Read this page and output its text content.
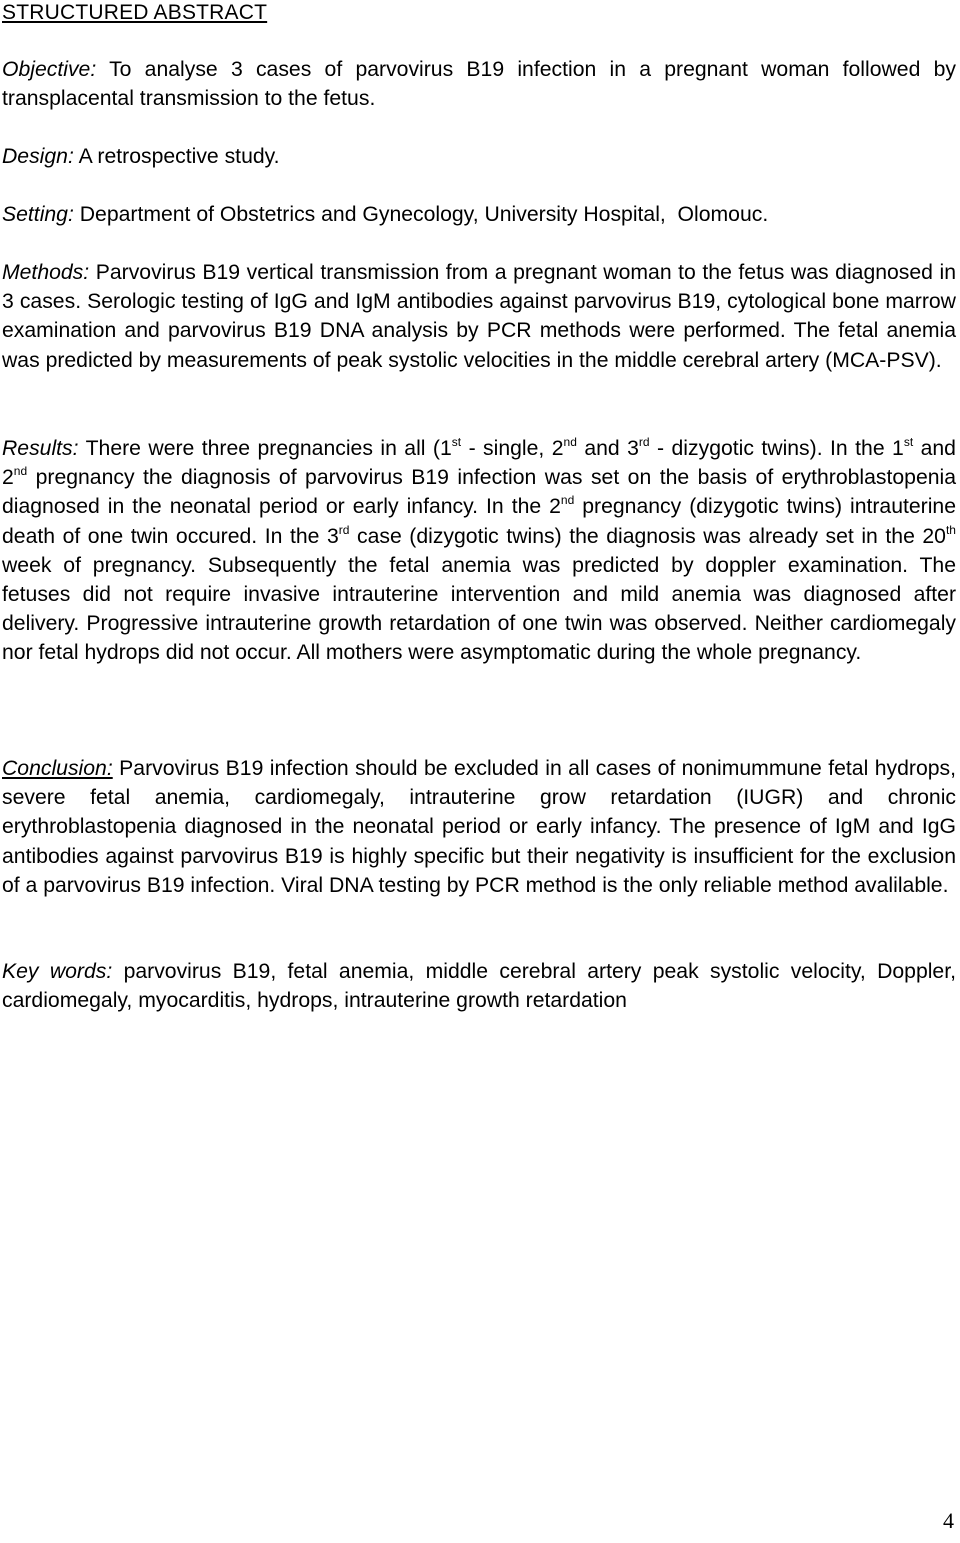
STRUCTURED ABSTRACT

Objective: To analyse 3 cases of parvovirus B19 infection in a pregnant woman followed by transplacental transmission to the fetus.

Design: A retrospective study.

Setting: Department of Obstetrics and Gynecology, University Hospital,  Olomouc.

Methods: Parvovirus B19 vertical transmission from a pregnant woman to the fetus was diagnosed in 3 cases. Serologic testing of IgG and IgM antibodies against parvovirus B19, cytological bone marrow examination and parvovirus B19 DNA analysis by PCR methods were performed. The fetal anemia was predicted by measurements of peak systolic velocities in the middle cerebral artery (MCA-PSV).

Results: There were three pregnancies in all (1st - single, 2nd and 3rd - dizygotic twins). In the 1st and 2nd pregnancy the diagnosis of parvovirus B19 infection was set on the basis of erythroblastopenia diagnosed in the neonatal period or early infancy. In the 2nd pregnancy (dizygotic twins) intrauterine death of one twin occured. In the 3rd case (dizygotic twins) the diagnosis was already set in the 20th week of pregnancy. Subsequently the fetal anemia was predicted by doppler examination. The fetuses did not require invasive intrauterine intervention and mild anemia was diagnosed after delivery. Progressive intrauterine growth retardation of one twin was observed. Neither cardiomegaly nor fetal hydrops did not occur. All mothers were asymptomatic during the whole pregnancy.

Conclusion: Parvovirus B19 infection should be excluded in all cases of nonimummune fetal hydrops, severe fetal anemia, cardiomegaly, intrauterine grow retardation (IUGR) and chronic erythroblastopenia diagnosed in the neonatal period or early infancy. The presence of IgM and IgG antibodies against parvovirus B19 is highly specific but their negativity is insufficient for the exclusion of a parvovirus B19 infection. Viral DNA testing by PCR method is the only reliable method avalilable.

Key words: parvovirus B19, fetal anemia, middle cerebral artery peak systolic velocity, Doppler, cardiomegaly, myocarditis, hydrops, intrauterine growth retardation

4
